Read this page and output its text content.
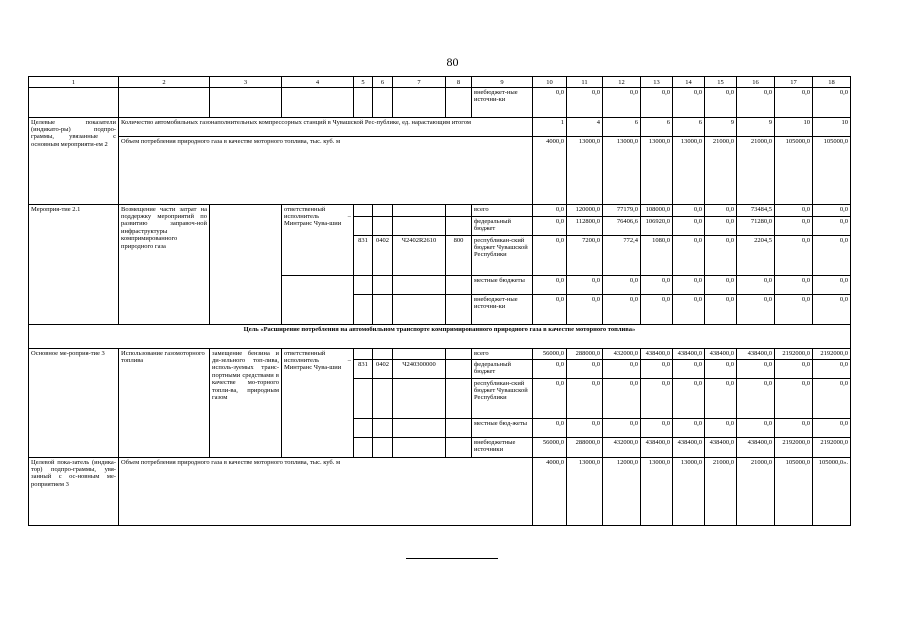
80
1	2	3	4	5	6	7	8	9	10	11	12	13	14	15	16	17	18
								внебюджет-ные источни-ки	0,0	0,0	0,0	0,0	0,0	0,0	0,0	0,0	0,0
Целевые показатели (индикато-ры) подпро-граммы, увязанные с основным мероприяти-ем 2	Количество автомобильных газонаполнительных компрессорных станций в Чувашской Рес-публике, ед. нарастающим итогом								1	4	6	6	6	9	9	10	10
	Объем потребления природного газа в качестве моторного топлива, тыс. куб. м								4000,0	13000,0	13000,0	13000,0	13000,0	21000,0	21000,0	105000,0	105000,0
Мероприя-тие 2.1	Возмещение части затрат на поддержку мероприятий по развитию заправоч-ной инфраструктуры компримированного природного газа		ответственный исполнитель – Минтранс Чува-шии					всего	0,0	120000,0	77179,0	108000,0	0,0	0,0	73484,5	0,0	0,0
								федеральный бюджет	0,0	112800,0	76406,6	106920,0	0,0	0,0	71280,0	0,0	0,0
				831	0402	Ч2402R2610	800	республикан-ский бюджет Чувашской Республики	0,0	7200,0	772,4	1080,0	0,0	0,0	2204,5	0,0	0,0
								местные бюджеты	0,0	0,0	0,0	0,0	0,0	0,0	0,0	0,0	0,0
								внебюджет-ные источни-ки	0,0	0,0	0,0	0,0	0,0	0,0	0,0	0,0	0,0
Цель «Расширение потребления на автомобильном транспорте компримированного природного газа в качестве моторного топлива»																	
Основное ме-роприя-тие 3	Использование газомоторного топлива	замещение бензина и ди-зельного топ-лива, исполь-зуемых транс-портными средствами в качестве мо-торного топли-ва, природным газом	ответственный исполнитель – Минтранс Чува-шии					всего	56000,0	288000,0	432000,0	438400,0	438400,0	438400,0	438400,0	2192000,0	2192000,0
				831	0402	Ч240300000		федеральный бюджет	0,0	0,0	0,0	0,0	0,0	0,0	0,0	0,0	0,0
								республикан-ский бюджет Чувашской Республики	0,0	0,0	0,0	0,0	0,0	0,0	0,0	0,0	0,0
								местные бюд-жеты	0,0	0,0	0,0	0,0	0,0	0,0	0,0	0,0	0,0
								внебюджетные источники	56000,0	288000,0	432000,0	438400,0	438400,0	438400,0	438400,0	2192000,0	2192000,0
Целевой пока-затель (индика-тор) подпро-граммы, увя-занный с ос-новным ме-роприятием 3	Объем потребления природного газа в качестве моторного топлива, тыс. куб. м								4000,0	13000,0	12000,0	13000,0	13000,0	21000,0	21000,0	105000,0	105000,0».
